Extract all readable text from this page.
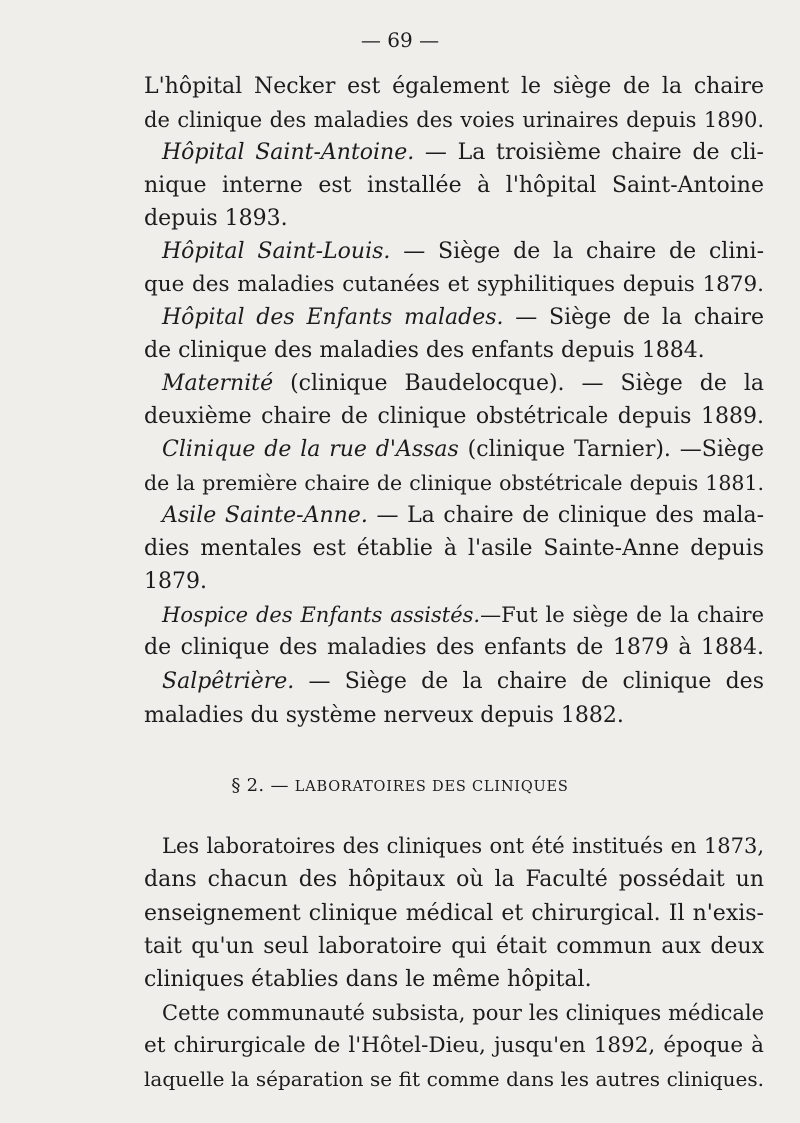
— 69 —
L'hôpital Necker est également le siège de la chaire
de clinique des maladies des voies urinaires depuis 1890.
Hôpital Saint-Antoine. — La troisième chaire de cli-
nique interne est installée à l'hôpital Saint-Antoine
depuis 1893.
Hôpital Saint-Louis. — Siège de la chaire de clini-
que des maladies cutanées et syphilitiques depuis 1879.
Hôpital des Enfants malades. — Siège de la chaire
de clinique des maladies des enfants depuis 1884.
Maternité (clinique Baudelocque). — Siège de la
deuxième chaire de clinique obstétricale depuis 1889.
Clinique de la rue d'Assas (clinique Tarnier). —Siège
de la première chaire de clinique obstétricale depuis 1881.
Asile Sainte-Anne. — La chaire de clinique des mala-
dies mentales est établie à l'asile Sainte-Anne depuis
1879.
Hospice des Enfants assistés.—Fut le siège de la chaire
de clinique des maladies des enfants de 1879 à 1884.
Salpêtrière. — Siège de la chaire de clinique des
maladies du système nerveux depuis 1882.
§ 2. — LABORATOIRES DES CLINIQUES
Les laboratoires des cliniques ont été institués en 1873,
dans chacun des hôpitaux où la Faculté possédait un
enseignement clinique médical et chirurgical. Il n'exis-
tait qu'un seul laboratoire qui était commun aux deux
cliniques établies dans le même hôpital.
Cette communauté subsista, pour les cliniques médicale
et chirurgicale de l'Hôtel-Dieu, jusqu'en 1892, époque à
laquelle la séparation se fit comme dans les autres cliniques.
